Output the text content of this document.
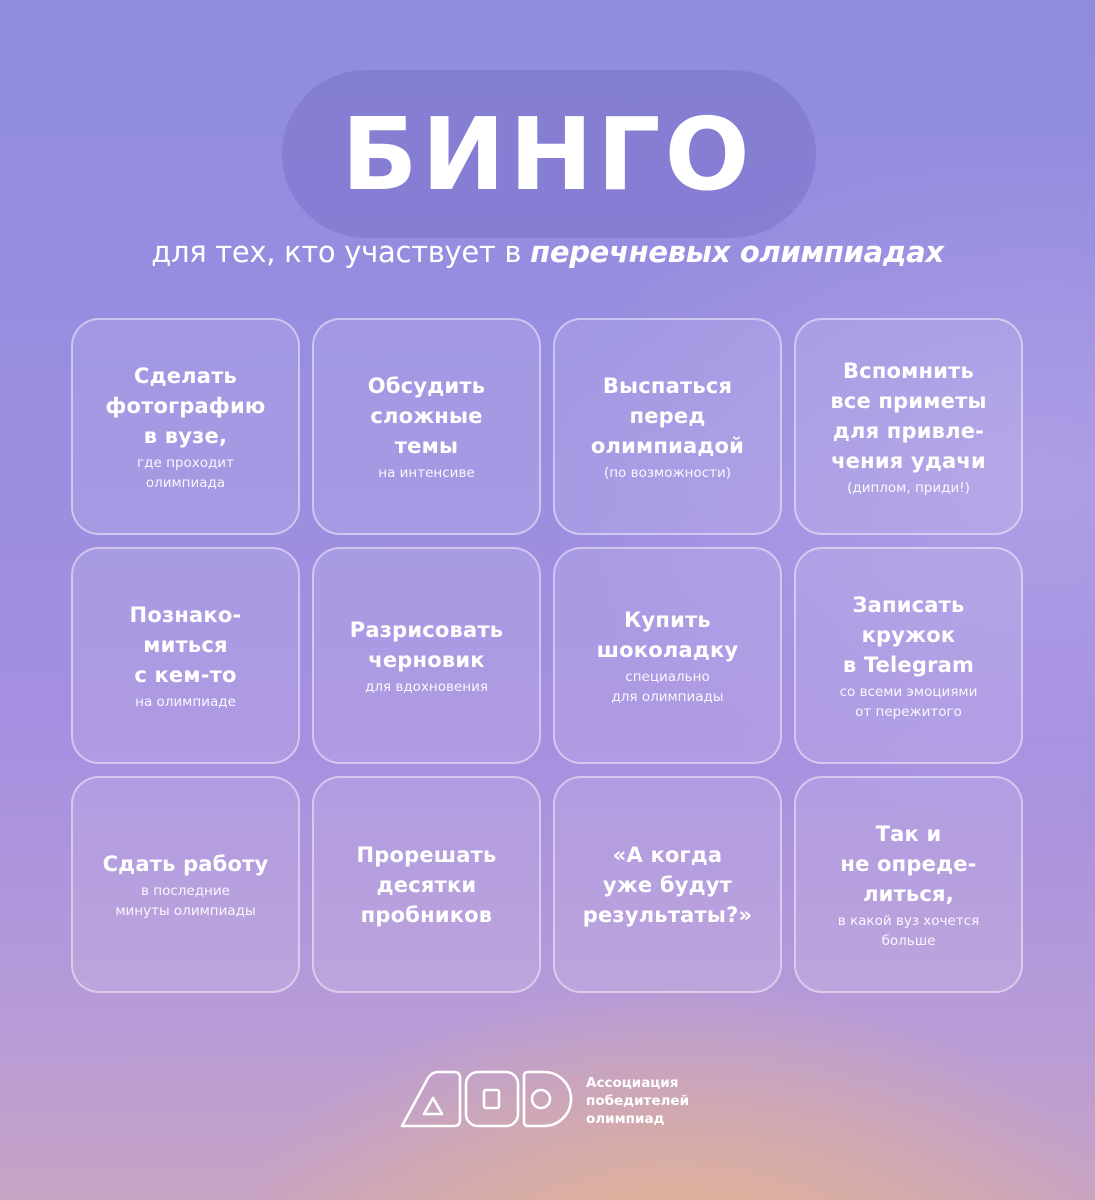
БИНГО
для тех, кто участвует в перечневых олимпиадах
Сделать
фотографию
в вузе,
где проходит
олимпиада
Обсудить
сложные
темы
на интенсиве
Выспаться
перед
олимпиадой
(по возможности)
Вспомнить
все приметы
для привле-
чения удачи
(диплом, приди!)
Познако-
миться
с кем-то
на олимпиаде
Разрисовать
черновик
для вдохновения
Купить
шоколадку
специально
для олимпиады
Записать
кружок
в Telegram
со всеми эмоциями
от пережитого
Сдать работу
в последние
минуты олимпиады
Прорешать
десятки
пробников
«А когда
уже будут
результаты?»
Так и
не опреде-
литься,
в какой вуз хочется
больше
Ассоциация
победителей
олимпиад
